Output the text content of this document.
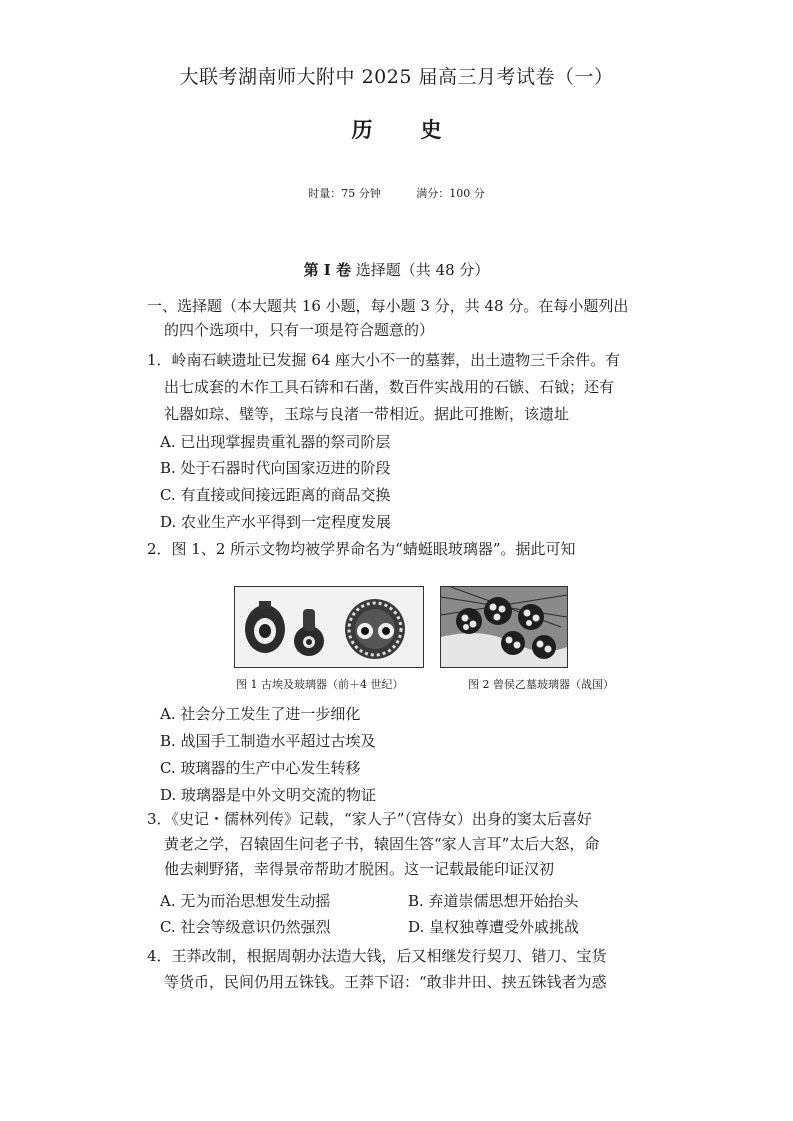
大联考湖南师大附中 2025 届高三月考试卷（一）
历史
时量：75 分钟	满分：100 分
第 I 卷 选择题（共 48 分）
一、选择题（本大题共 16 小题，每小题 3 分，共 48 分。在每小题列出
的四个选项中，只有一项是符合题意的）
1．岭南石峡遗址已发掘 64 座大小不一的墓葬，出土遗物三千余件。有
出七成套的木作工具石锛和石凿，数百件实战用的石镞、石钺；还有
礼器如琮、璧等，玉琮与良渚一带相近。据此可推断，该遗址
A. 已出现掌握贵重礼器的祭司阶层
B. 处于石器时代向国家迈进的阶段
C. 有直接或间接远距离的商品交换
D. 农业生产水平得到一定程度发展
2．图 1、2 所示文物均被学界命名为“蜻蜓眼玻璃器”。据此可知
图 1 古埃及玻璃器（前＋4 世纪）	图 2 曾侯乙墓玻璃器（战国）
A. 社会分工发生了进一步细化
B. 战国手工制造水平超过古埃及
C. 玻璃器的生产中心发生转移
D. 玻璃器是中外文明交流的物证
3．《史记・儒林列传》记载，“家人子”（宫侍女）出身的窦太后喜好
黄老之学，召辕固生问老子书，辕固生答“家人言耳”太后大怒，命
他去刺野猪，幸得景帝帮助才脱困。这一记载最能印证汉初
A. 无为而治思想发生动摇	B. 弃道崇儒思想开始抬头
C. 社会等级意识仍然强烈	D. 皇权独尊遭受外戚挑战
4．王莽改制，根据周朝办法造大钱，后又相继发行契刀、错刀、宝货
等货币，民间仍用五铢钱。王莽下诏：“敢非井田、挟五铢钱者为惑
